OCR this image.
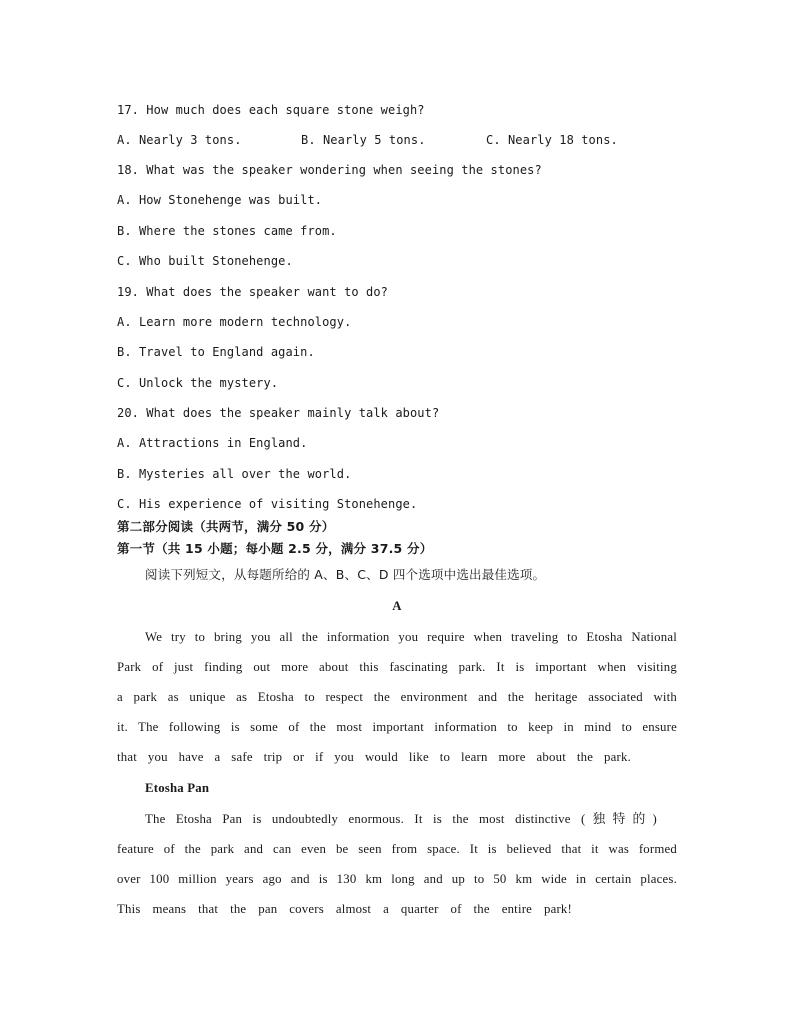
17. How much does each square stone weigh?
A. Nearly 3 tons.	B. Nearly 5 tons.	C. Nearly 18 tons.
18. What was the speaker wondering when seeing the stones?
A. How Stonehenge was built.
B. Where the stones came from.
C. Who built Stonehenge.
19. What does the speaker want to do?
A. Learn more modern technology.
B. Travel to England again.
C. Unlock the mystery.
20. What does the speaker mainly talk about?
A. Attractions in England.
B. Mysteries all over the world.
C. His experience of visiting Stonehenge.
第二部分阅读（共两节，满分 50 分）
第一节（共 15 小题；每小题 2.5 分，满分 37.5 分）
阅读下列短文，从每题所给的 A、B、C、D 四个选项中选出最佳选项。
A
We try to bring you all the information you require when traveling to Etosha National
Park of just finding out more about this fascinating park. It is important when visiting
a park as unique as Etosha to respect the environment and the heritage associated with
it. The following is some of the most important information to keep in mind to ensure
that you have a safe trip or if you would like to learn more about the park.
Etosha Pan
The Etosha Pan is undoubtedly enormous. It is the most distinctive (独特的)
feature of the park and can even be seen from space. It is believed that it was formed
over 100 million years ago and is 130 km long and up to 50 km wide in certain places.
This means that the pan covers almost a quarter of the entire park!
